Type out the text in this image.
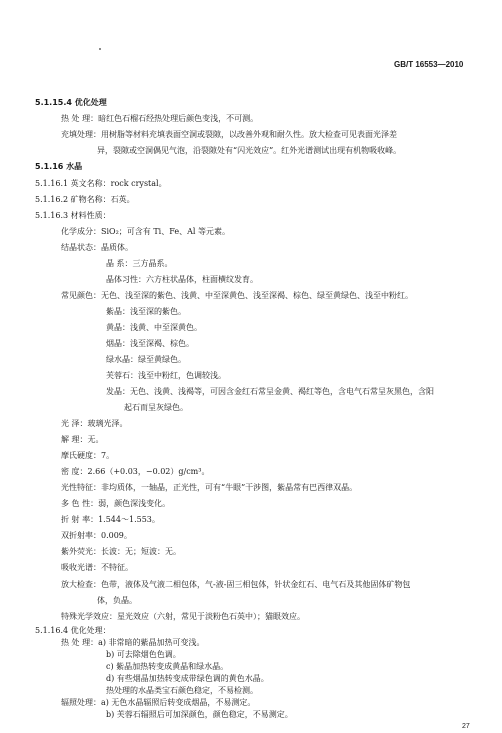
GB/T 16553—2010
5.1.15.4 优化处理
热 处 理：暗红色石榴石经热处理后颜色变浅，不可测。
充填处理：用树脂等材料充填表面空洞或裂隙，以改善外观和耐久性。放大检查可见表面光泽差
异，裂隙或空洞偶见气泡，沿裂隙处有“闪光效应”。红外光谱测试出现有机物吸收峰。
5.1.16 水晶
5.1.16.1 英文名称：rock crystal。
5.1.16.2 矿物名称：石英。
5.1.16.3 材料性质：
化学成分：SiO₂；可含有 Ti、Fe、Al 等元素。
结晶状态：晶质体。
晶 系：三方晶系。
晶体习性：六方柱状晶体，柱面横纹发育。
常见颜色：无色、浅至深的紫色、浅黄、中至深黄色、浅至深褐、棕色、绿至黄绿色、浅至中粉红。
紫晶：浅至深的紫色。
黄晶：浅黄、中至深黄色。
烟晶：浅至深褐、棕色。
绿水晶：绿至黄绿色。
芙蓉石：浅至中粉红，色调较浅。
发晶：无色、浅黄、浅褐等，可因含金红石常呈金黄、褐红等色，含电气石常呈灰黑色，含阳
起石而呈灰绿色。
光 泽：玻璃光泽。
解 理：无。
摩氏硬度：7。
密 度：2.66（+0.03，−0.02）g/cm³。
光性特征：非均质体，一轴晶，正光性，可有“牛眼”干涉图，紫晶常有巴西律双晶。
多 色 性：弱，颜色深浅变化。
折 射 率：1.544～1.553。
双折射率：0.009。
紫外荧光：长波：无；短波：无。
吸收光谱：不特征。
放大检查：色带，液体及气液二相包体，气-液-固三相包体，针状金红石、电气石及其他固体矿物包
体，负晶。
特殊光学效应：星光效应（六射，常见于淡粉色石英中）；猫眼效应。
5.1.16.4 优化处理：
热 处 理：a) 非常暗的紫晶加热可变浅。
b) 可去除烟色色调。
c) 紫晶加热转变成黄晶和绿水晶。
d) 有些烟晶加热转变成带绿色调的黄色水晶。
热处理的水晶类宝石颜色稳定，不易检测。
辐照处理：a) 无色水晶辐照后转变成烟晶，不易测定。
b) 芙蓉石辐照后可加深颜色，颜色稳定，不易测定。
27
